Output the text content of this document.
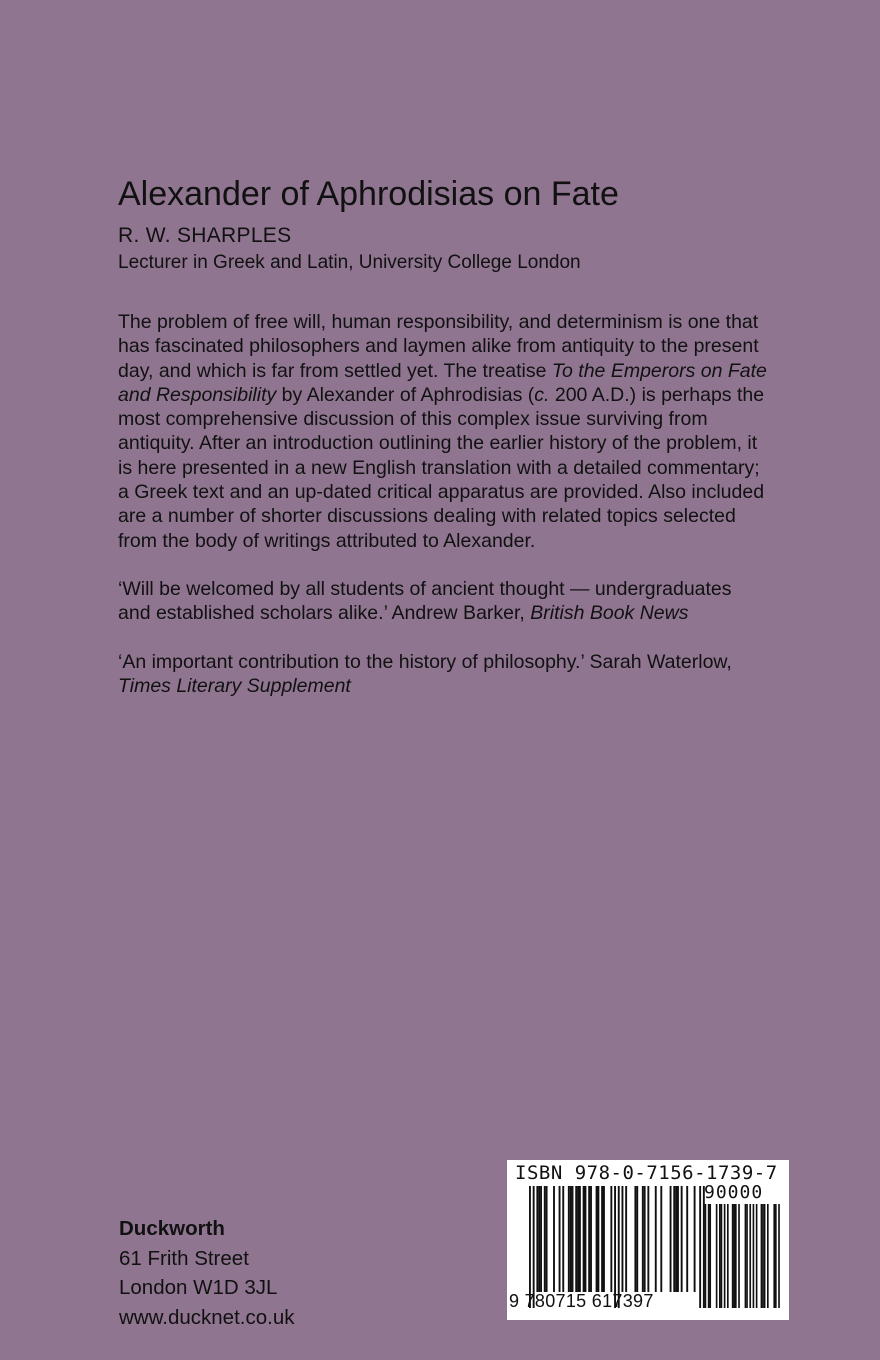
Alexander of Aphrodisias on Fate
R. W. SHARPLES
Lecturer in Greek and Latin, University College London

The problem of free will, human responsibility, and determinism is one that has fascinated philosophers and laymen alike from antiquity to the present day, and which is far from settled yet. The treatise To the Emperors on Fate and Responsibility by Alexander of Aphrodisias (c. 200 A.D.) is perhaps the most comprehensive discussion of this complex issue surviving from antiquity. After an introduction outlining the earlier history of the problem, it is here presented in a new English translation with a detailed commentary; a Greek text and an up-dated critical apparatus are provided. Also included are a number of shorter discussions dealing with related topics selected from the body of writings attributed to Alexander.

‘Will be welcomed by all students of ancient thought — undergraduates and established scholars alike.’ Andrew Barker, British Book News

‘An important contribution to the history of philosophy.’ Sarah Waterlow, Times Literary Supplement

Duckworth
61 Frith Street
London W1D 3JL
www.ducknet.co.uk
ISBN 978-0-7156-1739-7
90000
9 780715 617397
